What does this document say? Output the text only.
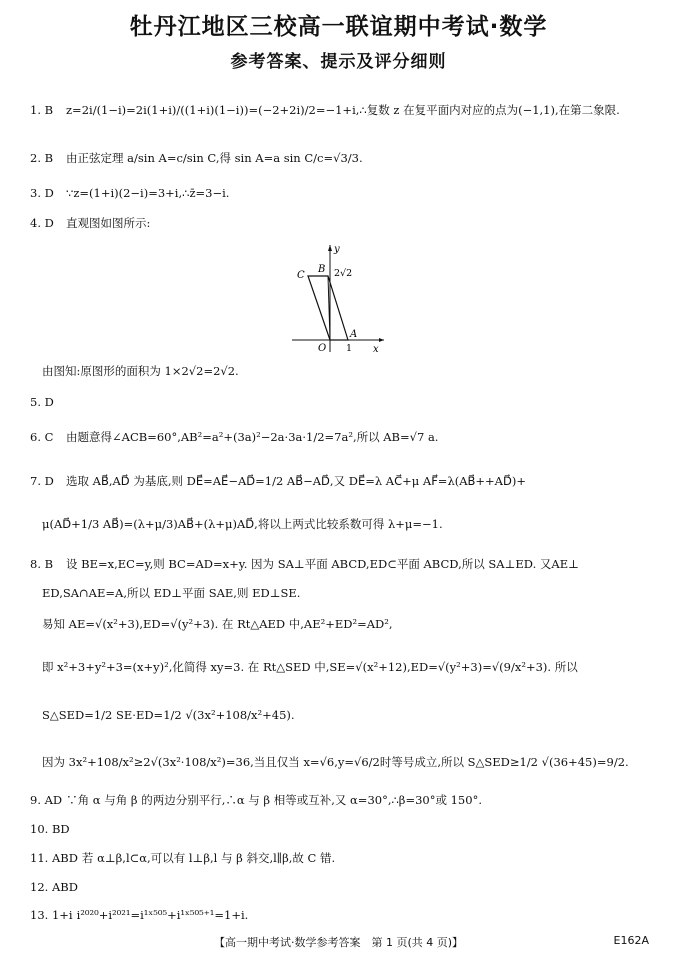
牡丹江地区三校高一联谊期中考试·数学
参考答案、提示及评分细则
1. B z=2i/(1−i)=2i(1+i)/((1+i)(1−i))=(−2+2i)/2=−1+i,∴复数 z 在复平面内对应的点为(−1,1),在第二象限.
2. B 由正弦定理 a/sin A=c/sin C,得 sin A=a sin C/c=√3/3.
3. D ∵z=(1+i)(2−i)=3+i,∴z̄=3−i.
4. D 直观图如图所示:
y
x
O
A
B
C	2√2
1
由图知:原图形的面积为 1×2√2=2√2.
5. D
6. C 由题意得∠ACB=60°,AB²=a²+(3a)²−2a·3a·1/2=7a²,所以 AB=√7 a.
7. D 选取 AB⃗,AD⃗ 为基底,则 DE⃗=AE⃗−AD⃗=1/2 AB⃗−AD⃗,又 DE⃗=λ AC⃗+μ AF⃗=λ(AB⃗++AD⃗)+
μ(AD⃗+1/3 AB⃗)=(λ+μ/3)AB⃗+(λ+μ)AD⃗,将以上两式比较系数可得 λ+μ=−1.
8. B 设 BE=x,EC=y,则 BC=AD=x+y. 因为 SA⊥平面 ABCD,ED⊂平面 ABCD,所以 SA⊥ED. 又AE⊥
ED,SA∩AE=A,所以 ED⊥平面 SAE,则 ED⊥SE.
易知 AE=√(x²+3),ED=√(y²+3). 在 Rt△AED 中,AE²+ED²=AD²,
即 x²+3+y²+3=(x+y)²,化简得 xy=3. 在 Rt△SED 中,SE=√(x²+12),ED=√(y²+3)=√(9/x²+3). 所以
S△SED=1/2 SE·ED=1/2 √(3x²+108/x²+45).
因为 3x²+108/x²≥2√(3x²·108/x²)=36,当且仅当 x=√6,y=√6/2时等号成立,所以 S△SED≥1/2 √(36+45)=9/2.
9. AD ∵角 α 与角 β 的两边分别平行,∴α 与 β 相等或互补,又 α=30°,∴β=30°或 150°.
10. BD
11. ABD 若 α⊥β,l⊂α,可以有 l⊥β,l 与 β 斜交,l∥β,故 C 错.
12. ABD
13. 1+i i²⁰²⁰+i²⁰²¹=i¹ˣ⁵⁰⁵+i¹ˣ⁵⁰⁵⁺¹=1+i.
【高一期中考试·数学参考答案　第 1 页(共 4 页)】	E162A
